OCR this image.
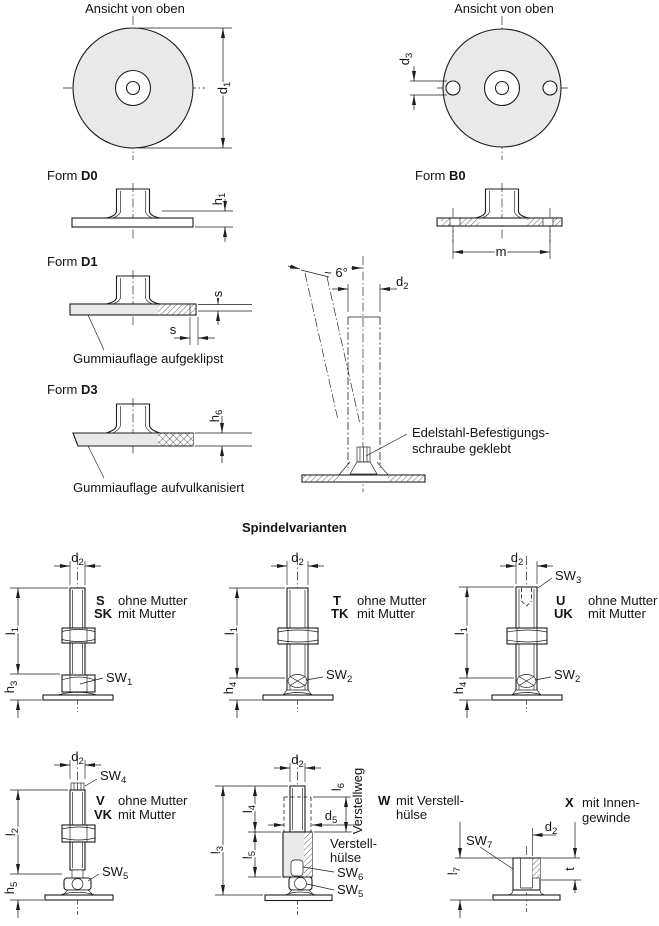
Ansicht von oben
$d_1$
Ansicht von oben
$d_3$
Form D0
$h_1$
Form B0
m
Form D1
s
s
Gummiauflage aufgeklipst
Form D3
$h_6$
Gummiauflage aufvulkanisiert
~ 6°
$d_2$
Edelstahl-Befestigungs-
schraube geklebt
Spindelvarianten
$d_2$
$l_1$
$h_3$	$SW_1$
S ohne Mutter
SK mit Mutter
$d_2$
$l_1$
$h_4$
$SW_2$
T ohne Mutter
TK mit Mutter
$d_2$
$SW_3$
$l_1$
$h_4$
$SW_2$
U ohne Mutter
UK mit Mutter
$d_2$
$SW_4$
$l_2$
$h_5$
$SW_5$
V ohne Mutter
VK mit Mutter
$d_2$
$l_6$ Verstellweg
$d_5$
$l_4$
$l_5$
$l_3$	Verstell-
hülse
$SW_6$
$SW_5$
W mit Verstell-
hülse
$SW_7$
$d_2$
t
$l_7$
X mit Innen-
gewinde
